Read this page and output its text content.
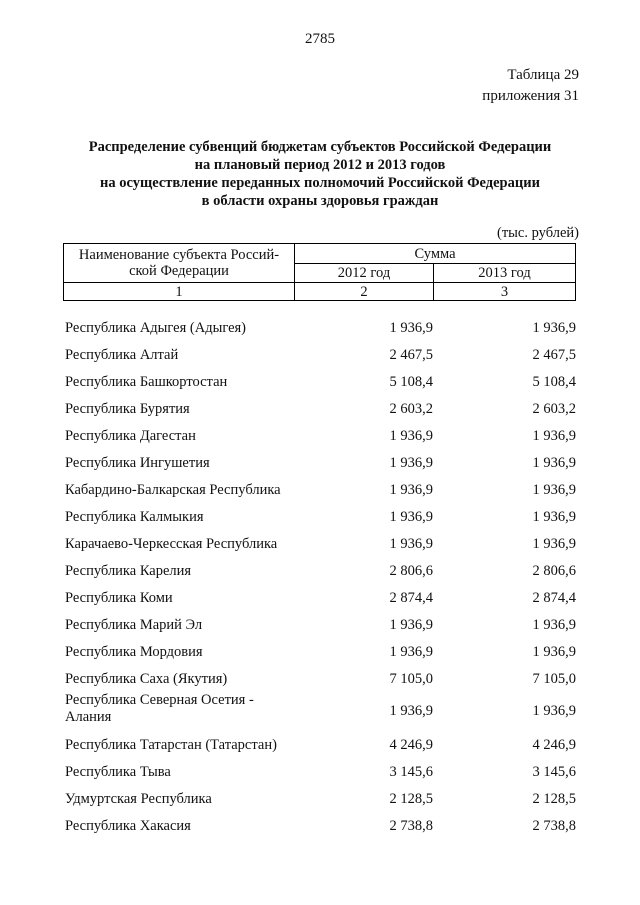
2785
Таблица 29
приложения 31
Распределение субвенций бюджетам субъектов Российской Федерации
на плановый период 2012 и 2013 годов
на осуществление переданных полномочий Российской Федерации
в области охраны здоровья граждан
(тыс. рублей)
Наименование субъекта Россий-
ской Федерации	Сумма	
	2012 год	2013 год
1	2	3
Республика Адыгея (Адыгея)	1 936,9	1 936,9
Республика Алтай	2 467,5	2 467,5
Республика Башкортостан	5 108,4	5 108,4
Республика Бурятия	2 603,2	2 603,2
Республика Дагестан	1 936,9	1 936,9
Республика Ингушетия	1 936,9	1 936,9
Кабардино-Балкарская Республика	1 936,9	1 936,9
Республика Калмыкия	1 936,9	1 936,9
Карачаево-Черкесская Республика	1 936,9	1 936,9
Республика Карелия	2 806,6	2 806,6
Республика Коми	2 874,4	2 874,4
Республика Марий Эл	1 936,9	1 936,9
Республика Мордовия	1 936,9	1 936,9
Республика Саха (Якутия)	7 105,0	7 105,0
Республика Северная Осетия - Алания	1 936,9	1 936,9
Республика Татарстан (Татарстан)	4 246,9	4 246,9
Республика Тыва	3 145,6	3 145,6
Удмуртская Республика	2 128,5	2 128,5
Республика Хакасия	2 738,8	2 738,8
